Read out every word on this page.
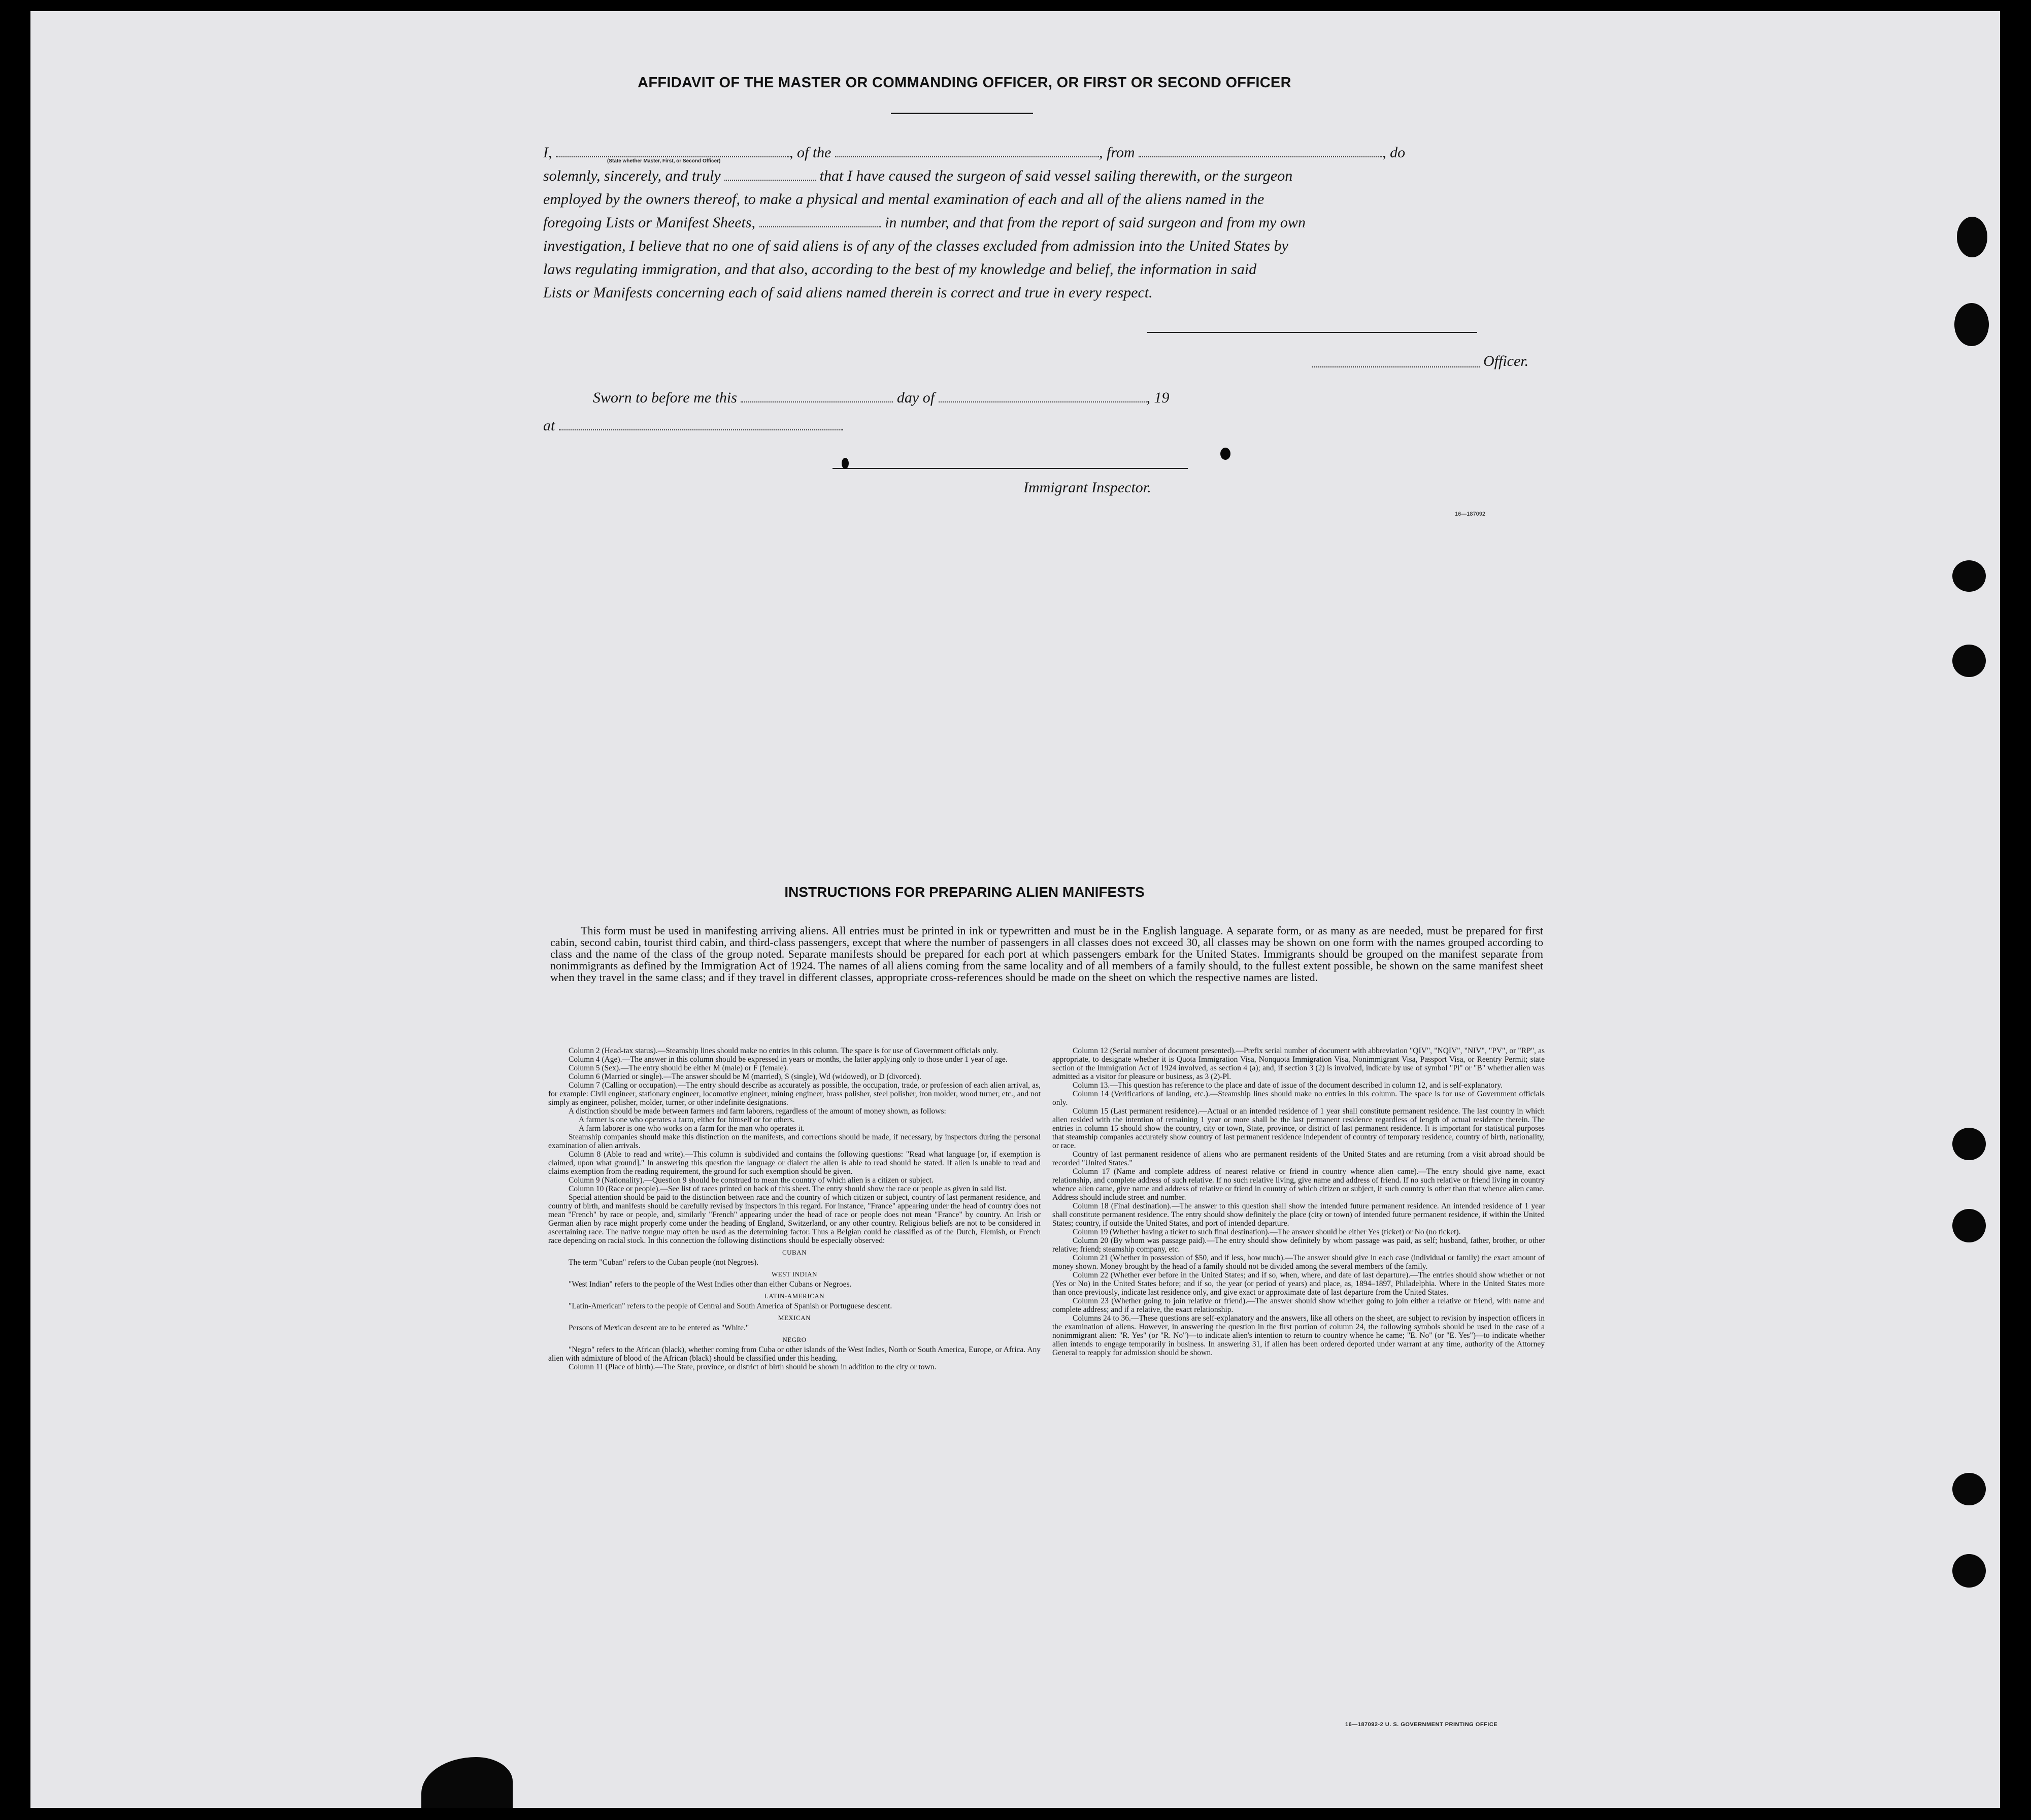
AFFIDAVIT OF THE MASTER OR COMMANDING OFFICER, OR FIRST OR SECOND OFFICER
I,	, of the	, from	, do
(State whether Master, First, or Second Officer)
solemnly, sincerely, and truly	that I have caused the surgeon of said vessel sailing therewith, or the surgeon
employed by the owners thereof, to make a physical and mental examination of each and all of the aliens named in the
foregoing Lists or Manifest Sheets,	in number, and that from the report of said surgeon and from my own
investigation, I believe that no one of said aliens is of any of the classes excluded from admission into the United States by
laws regulating immigration, and that also, according to the best of my knowledge and belief, the information in said
Lists or Manifests concerning each of said aliens named therein is correct and true in every respect.
Officer.
Sworn to before me this	day of	, 19
at
Immigrant Inspector.
16—187092
INSTRUCTIONS FOR PREPARING ALIEN MANIFESTS

This form must be used in manifesting arriving aliens. All entries must be printed in ink or typewritten and must be in the English language. A separate form, or as many as are needed, must be prepared for first cabin, second cabin, tourist third cabin, and third-class passengers, except that where the number of passengers in all classes does not exceed 30, all classes may be shown on one form with the names grouped according to class and the name of the class of the group noted. Separate manifests should be prepared for each port at which passengers embark for the United States. Immigrants should be grouped on the manifest separate from nonimmigrants as defined by the Immigration Act of 1924. The names of all aliens coming from the same locality and of all members of a family should, to the fullest extent possible, be shown on the same manifest sheet when they travel in the same class; and if they travel in different classes, appropriate cross-references should be made on the sheet on which the respective names are listed.

Column 2 (Head-tax status).—Steamship lines should make no entries in this column. The space is for use of Government officials only.

Column 4 (Age).—The answer in this column should be expressed in years or months, the latter applying only to those under 1 year of age.

Column 5 (Sex).—The entry should be either M (male) or F (female).

Column 6 (Married or single).—The answer should be M (married), S (single), Wd (widowed), or D (divorced).

Column 7 (Calling or occupation).—The entry should describe as accurately as possible, the occupation, trade, or profession of each alien arrival, as, for example: Civil engineer, stationary engineer, locomotive engineer, mining engineer, brass polisher, steel polisher, iron molder, wood turner, etc., and not simply as engineer, polisher, molder, turner, or other indefinite designations.

A distinction should be made between farmers and farm laborers, regardless of the amount of money shown, as follows:

A farmer is one who operates a farm, either for himself or for others.

A farm laborer is one who works on a farm for the man who operates it.

Steamship companies should make this distinction on the manifests, and corrections should be made, if necessary, by inspectors during the personal examination of alien arrivals.

Column 8 (Able to read and write).—This column is subdivided and contains the following questions: "Read what language [or, if exemption is claimed, upon what ground]." In answering this question the language or dialect the alien is able to read should be stated. If alien is unable to read and claims exemption from the reading requirement, the ground for such exemption should be given.

Column 9 (Nationality).—Question 9 should be construed to mean the country of which alien is a citizen or subject.

Column 10 (Race or people).—See list of races printed on back of this sheet. The entry should show the race or people as given in said list.

Special attention should be paid to the distinction between race and the country of which citizen or subject, country of last permanent residence, and country of birth, and manifests should be carefully revised by inspectors in this regard. For instance, "France" appearing under the head of country does not mean "French" by race or people, and, similarly "French" appearing under the head of race or people does not mean "France" by country. An Irish or German alien by race might properly come under the heading of England, Switzerland, or any other country. Religious beliefs are not to be considered in ascertaining race. The native tongue may often be used as the determining factor. Thus a Belgian could be classified as of the Dutch, Flemish, or French race depending on racial stock. In this connection the following distinctions should be especially observed:

CUBAN

The term "Cuban" refers to the Cuban people (not Negroes).

WEST INDIAN

"West Indian" refers to the people of the West Indies other than either Cubans or Negroes.

LATIN-AMERICAN

"Latin-American" refers to the people of Central and South America of Spanish or Portuguese descent.

MEXICAN

Persons of Mexican descent are to be entered as "White."

NEGRO

"Negro" refers to the African (black), whether coming from Cuba or other islands of the West Indies, North or South America, Europe, or Africa. Any alien with admixture of blood of the African (black) should be classified under this heading.

Column 11 (Place of birth).—The State, province, or district of birth should be shown in addition to the city or town.

Column 12 (Serial number of document presented).—Prefix serial number of document with abbreviation "QIV", "NQIV", "NIV", "PV", or "RP", as appropriate, to designate whether it is Quota Immigration Visa, Nonquota Immigration Visa, Nonimmigrant Visa, Passport Visa, or Reentry Permit; state section of the Immigration Act of 1924 involved, as section 4 (a); and, if section 3 (2) is involved, indicate by use of symbol "Pl" or "B" whether alien was admitted as a visitor for pleasure or business, as 3 (2)-Pl.

Column 13.—This question has reference to the place and date of issue of the document described in column 12, and is self-explanatory.

Column 14 (Verifications of landing, etc.).—Steamship lines should make no entries in this column. The space is for use of Government officials only.

Column 15 (Last permanent residence).—Actual or an intended residence of 1 year shall constitute permanent residence. The last country in which alien resided with the intention of remaining 1 year or more shall be the last permanent residence regardless of length of actual residence therein. The entries in column 15 should show the country, city or town, State, province, or district of last permanent residence. It is important for statistical purposes that steamship companies accurately show country of last permanent residence independent of country of temporary residence, country of birth, nationality, or race.

Country of last permanent residence of aliens who are permanent residents of the United States and are returning from a visit abroad should be recorded "United States."

Column 17 (Name and complete address of nearest relative or friend in country whence alien came).—The entry should give name, exact relationship, and complete address of such relative. If no such relative living, give name and address of friend. If no such relative or friend living in country whence alien came, give name and address of relative or friend in country of which citizen or subject, if such country is other than that whence alien came. Address should include street and number.

Column 18 (Final destination).—The answer to this question shall show the intended future permanent residence. An intended residence of 1 year shall constitute permanent residence. The entry should show definitely the place (city or town) of intended future permanent residence, if within the United States; country, if outside the United States, and port of intended departure.

Column 19 (Whether having a ticket to such final destination).—The answer should be either Yes (ticket) or No (no ticket).

Column 20 (By whom was passage paid).—The entry should show definitely by whom passage was paid, as self; husband, father, brother, or other relative; friend; steamship company, etc.

Column 21 (Whether in possession of $50, and if less, how much).—The answer should give in each case (individual or family) the exact amount of money shown. Money brought by the head of a family should not be divided among the several members of the family.

Column 22 (Whether ever before in the United States; and if so, when, where, and date of last departure).—The entries should show whether or not (Yes or No) in the United States before; and if so, the year (or period of years) and place, as, 1894–1897, Philadelphia. Where in the United States more than once previously, indicate last residence only, and give exact or approximate date of last departure from the United States.

Column 23 (Whether going to join relative or friend).—The answer should show whether going to join either a relative or friend, with name and complete address; and if a relative, the exact relationship.

Columns 24 to 36.—These questions are self-explanatory and the answers, like all others on the sheet, are subject to revision by inspection officers in the examination of aliens. However, in answering the question in the first portion of column 24, the following symbols should be used in the case of a nonimmigrant alien: "R. Yes" (or "R. No")—to indicate alien's intention to return to country whence he came; "E. No" (or "E. Yes")—to indicate whether alien intends to engage temporarily in business. In answering 31, if alien has been ordered deported under warrant at any time, authority of the Attorney General to reapply for admission should be shown.

16—187092-2 U. S. GOVERNMENT PRINTING OFFICE
